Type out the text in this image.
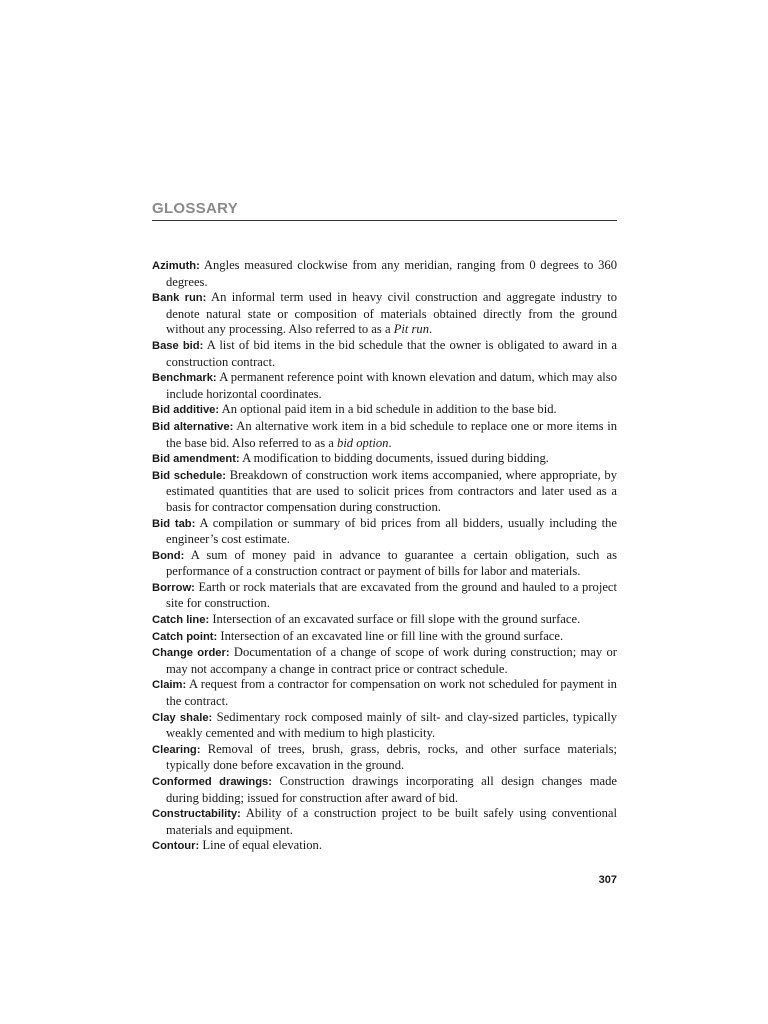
GLOSSARY

Azimuth: Angles measured clockwise from any meridian, ranging from 0 degrees to 360 degrees.

Bank run: An informal term used in heavy civil construction and aggregate industry to denote natural state or composition of materials obtained directly from the ground without any processing. Also referred to as a Pit run.

Base bid: A list of bid items in the bid schedule that the owner is obligated to award in a construction contract.

Benchmark: A permanent reference point with known elevation and datum, which may also include horizontal coordinates.

Bid additive: An optional paid item in a bid schedule in addition to the base bid.

Bid alternative: An alternative work item in a bid schedule to replace one or more items in the base bid. Also referred to as a bid option.

Bid amendment: A modification to bidding documents, issued during bidding.

Bid schedule: Breakdown of construction work items accompanied, where appropriate, by estimated quantities that are used to solicit prices from contractors and later used as a basis for contractor compensation during construction.

Bid tab: A compilation or summary of bid prices from all bidders, usually including the engineer’s cost estimate.

Bond: A sum of money paid in advance to guarantee a certain obligation, such as performance of a construction contract or payment of bills for labor and materials.

Borrow: Earth or rock materials that are excavated from the ground and hauled to a project site for construction.

Catch line: Intersection of an excavated surface or fill slope with the ground surface.

Catch point: Intersection of an excavated line or fill line with the ground surface.

Change order: Documentation of a change of scope of work during construction; may or may not accompany a change in contract price or contract schedule.

Claim: A request from a contractor for compensation on work not scheduled for payment in the contract.

Clay shale: Sedimentary rock composed mainly of silt- and clay-sized particles, typically weakly cemented and with medium to high plasticity.

Clearing: Removal of trees, brush, grass, debris, rocks, and other surface materials; typically done before excavation in the ground.

Conformed drawings: Construction drawings incorporating all design changes made during bidding; issued for construction after award of bid.

Constructability: Ability of a construction project to be built safely using conventional materials and equipment.

Contour: Line of equal elevation.

307
